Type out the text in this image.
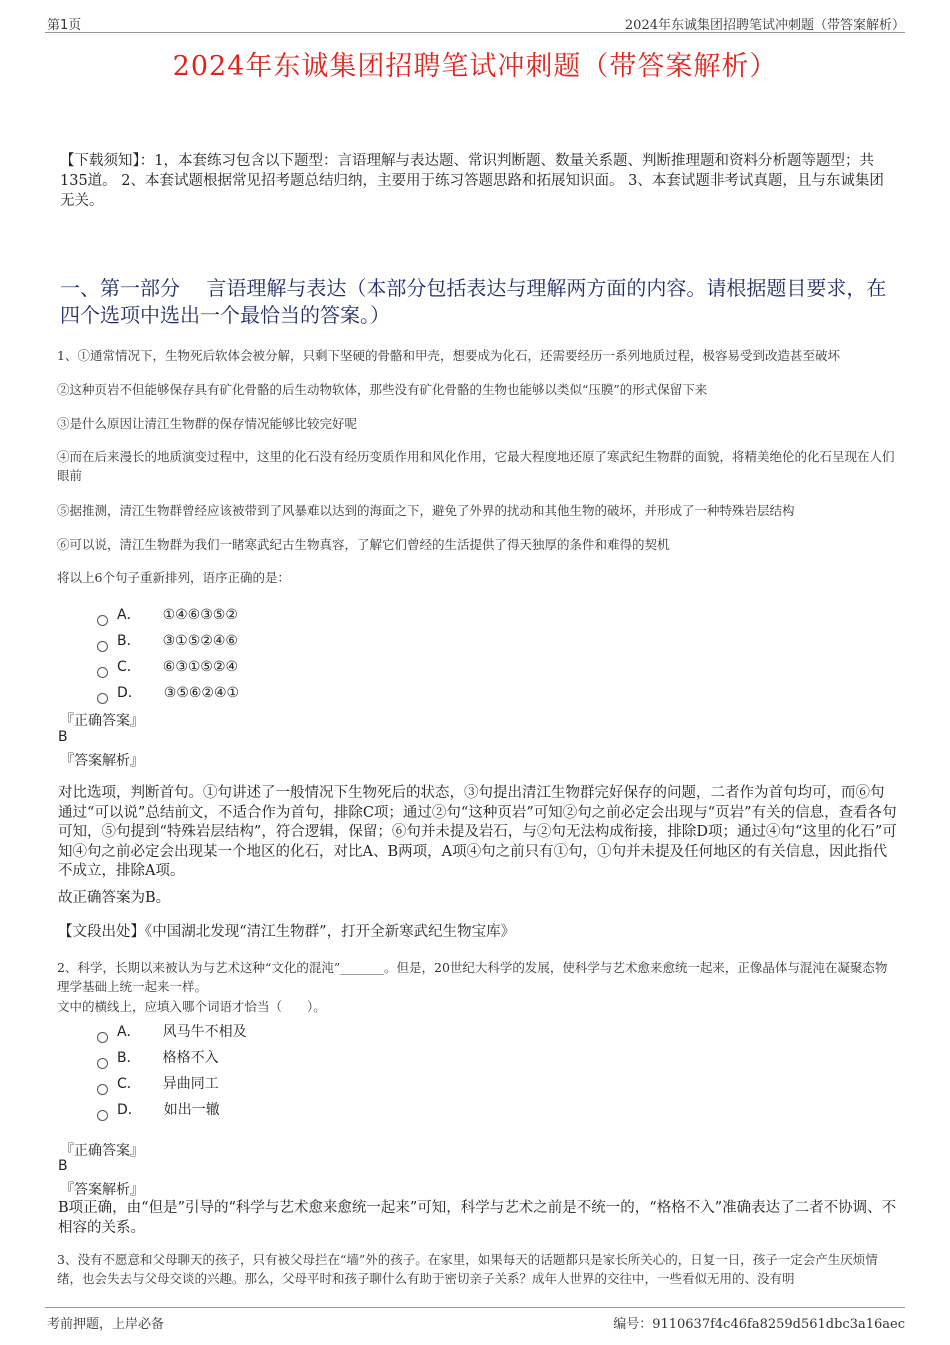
第1页	2024年东诚集团招聘笔试冲刺题（带答案解析）
2024年东诚集团招聘笔试冲刺题（带答案解析）
【下载须知】：1，本套练习包含以下题型：言语理解与表达题、常识判断题、数量关系题、判断推理题和资料分析题等题型；共135道。 2、本套试题根据常见招考题总结归纳，主要用于练习答题思路和拓展知识面。 3、本套试题非考试真题，且与东诚集团无关。
一、第一部分　 言语理解与表达（本部分包括表达与理解两方面的内容。请根据题目要求，在四个选项中选出一个最恰当的答案。）
1、①通常情况下，生物死后软体会被分解，只剩下坚硬的骨骼和甲壳，想要成为化石，还需要经历一系列地质过程，极容易受到改造甚至破坏
②这种页岩不但能够保存具有矿化骨骼的后生动物软体，那些没有矿化骨骼的生物也能够以类似“压膜”的形式保留下来
③是什么原因让清江生物群的保存情况能够比较完好呢
④而在后来漫长的地质演变过程中，这里的化石没有经历变质作用和风化作用，它最大程度地还原了寒武纪生物群的面貌，将精美绝伦的化石呈现在人们眼前
⑤据推测，清江生物群曾经应该被带到了风暴难以达到的海面之下，避免了外界的扰动和其他生物的破坏，并形成了一种特殊岩层结构
⑥可以说，清江生物群为我们一睹寒武纪古生物真容，了解它们曾经的生活提供了得天独厚的条件和难得的契机
将以上6个句子重新排列，语序正确的是：
A． ①④⑥③⑤②
B． ③①⑤②④⑥
C． ⑥③①⑤②④
D． ③⑤⑥②④①
『正确答案』
B
『答案解析』
对比选项，判断首句。①句讲述了一般情况下生物死后的状态，③句提出清江生物群完好保存的问题，二者作为首句均可，而⑥句通过“可以说”总结前文，不适合作为首句，排除C项；通过②句“这种页岩”可知②句之前必定会出现与“页岩”有关的信息，查看各句可知，⑤句提到“特殊岩层结构”，符合逻辑，保留；⑥句并未提及岩石，与②句无法构成衔接，排除D项；通过④句“这里的化石”可知④句之前必定会出现某一个地区的化石，对比A、B两项，A项④句之前只有①句，①句并未提及任何地区的有关信息，因此指代不成立，排除A项。
故正确答案为B。
【文段出处】《中国湖北发现“清江生物群”，打开全新寒武纪生物宝库》
2、科学，长期以来被认为与艺术这种“文化的混沌”_______。但是，20世纪大科学的发展，使科学与艺术愈来愈统一起来，正像晶体与混沌在凝聚态物理学基础上统一起来一样。
文中的横线上，应填入哪个词语才恰当（　　）。
A． 风马牛不相及
B． 格格不入
C． 异曲同工
D． 如出一辙
『正确答案』
B
『答案解析』
B项正确，由“但是”引导的“科学与艺术愈来愈统一起来”可知，科学与艺术之前是不统一的，“格格不入”准确表达了二者不协调、不相容的关系。
3、没有不愿意和父母聊天的孩子，只有被父母拦在“墙”外的孩子。在家里，如果每天的话题都只是家长所关心的，日复一日，孩子一定会产生厌烦情绪，也会失去与父母交谈的兴趣。那么，父母平时和孩子聊什么有助于密切亲子关系？成年人世界的交往中，一些看似无用的、没有明
考前押题，上岸必备	编号：9110637f4c46fa8259d561dbc3a16aec
